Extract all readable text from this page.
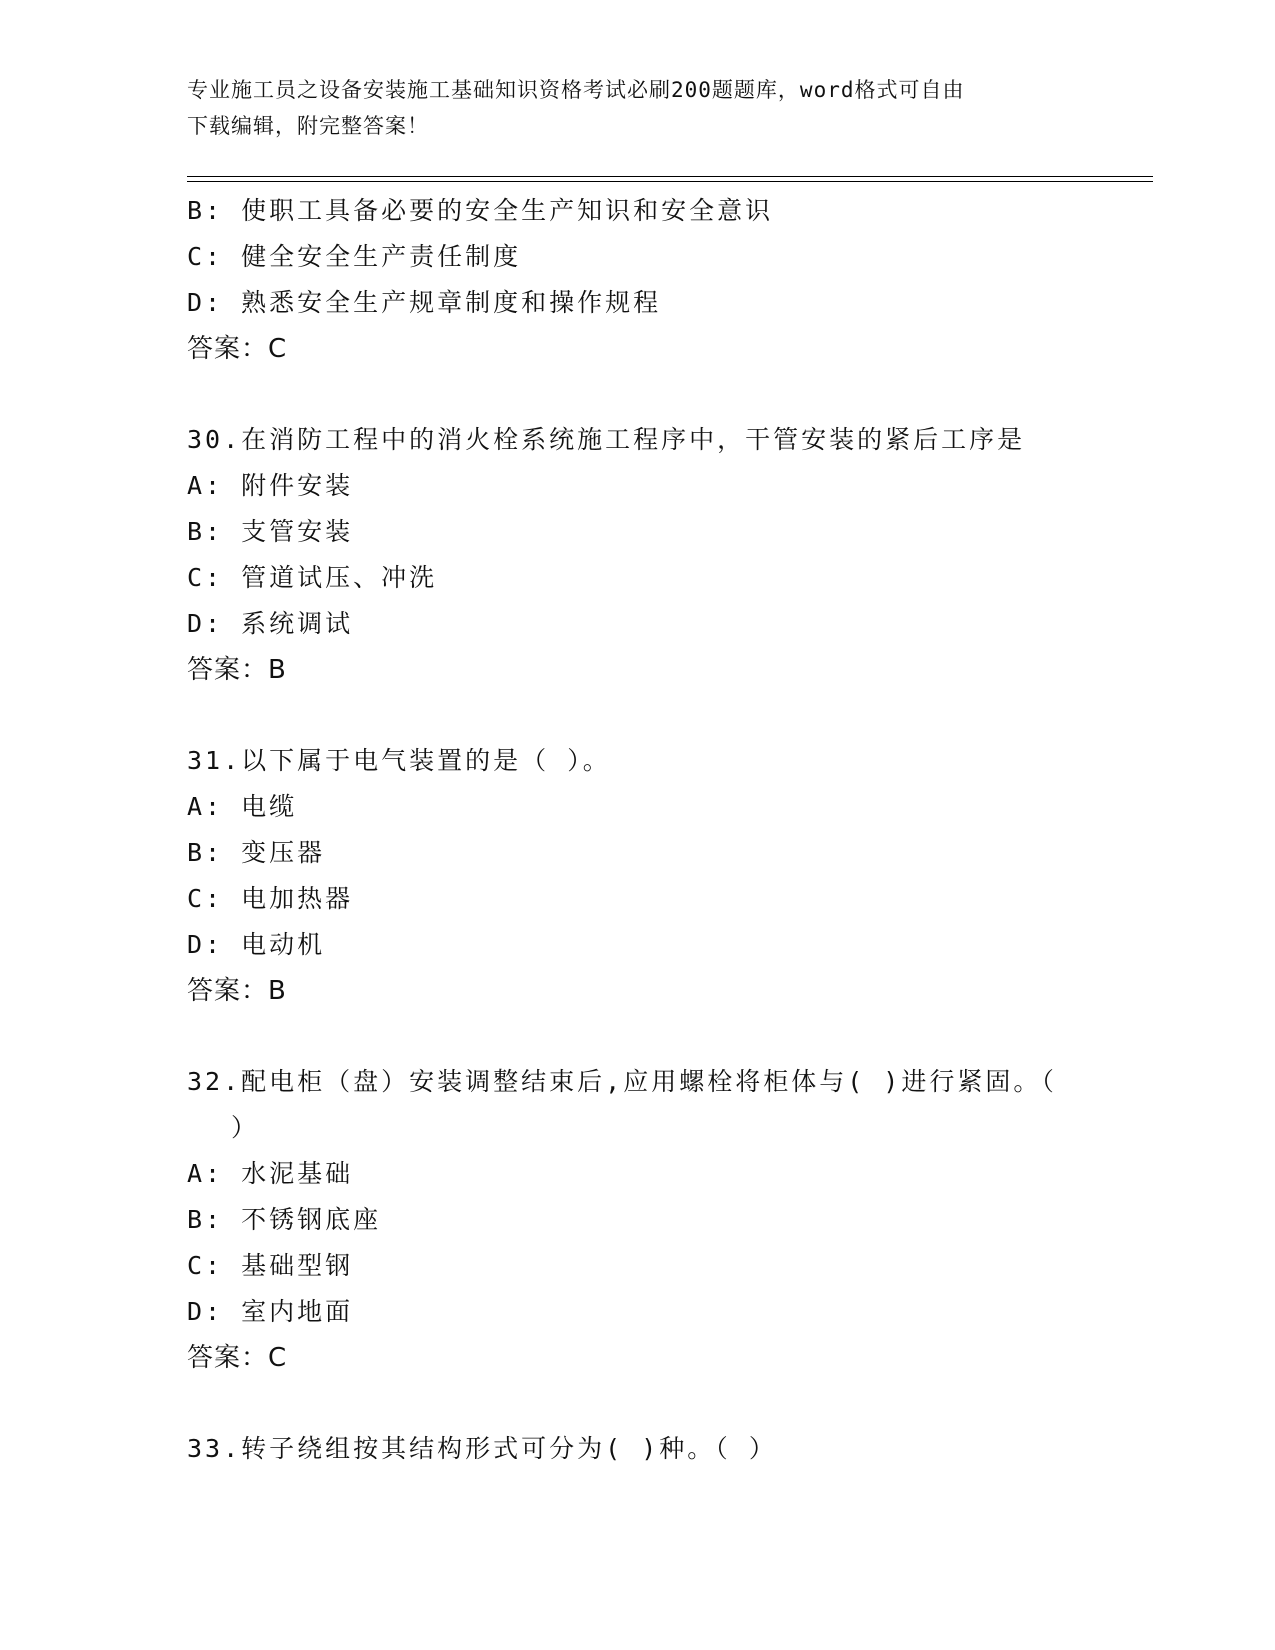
专业施工员之设备安装施工基础知识资格考试必刷200题题库，word格式可自由
下载编辑，附完整答案！
B: 使职工具备必要的安全生产知识和安全意识
C: 健全安全生产责任制度
D: 熟悉安全生产规章制度和操作规程
答案：C
30.在消防工程中的消火栓系统施工程序中，干管安装的紧后工序是
A: 附件安装
B: 支管安装
C: 管道试压、冲洗
D: 系统调试
答案：B
31.以下属于电气装置的是（ ）。
A: 电缆
B: 变压器
C: 电加热器
D: 电动机
答案：B
32.配电柜（盘）安装调整结束后,应用螺栓将柜体与( )进行紧固。（
）
A: 水泥基础
B: 不锈钢底座
C: 基础型钢
D: 室内地面
答案：C
33.转子绕组按其结构形式可分为( )种。（ ）
